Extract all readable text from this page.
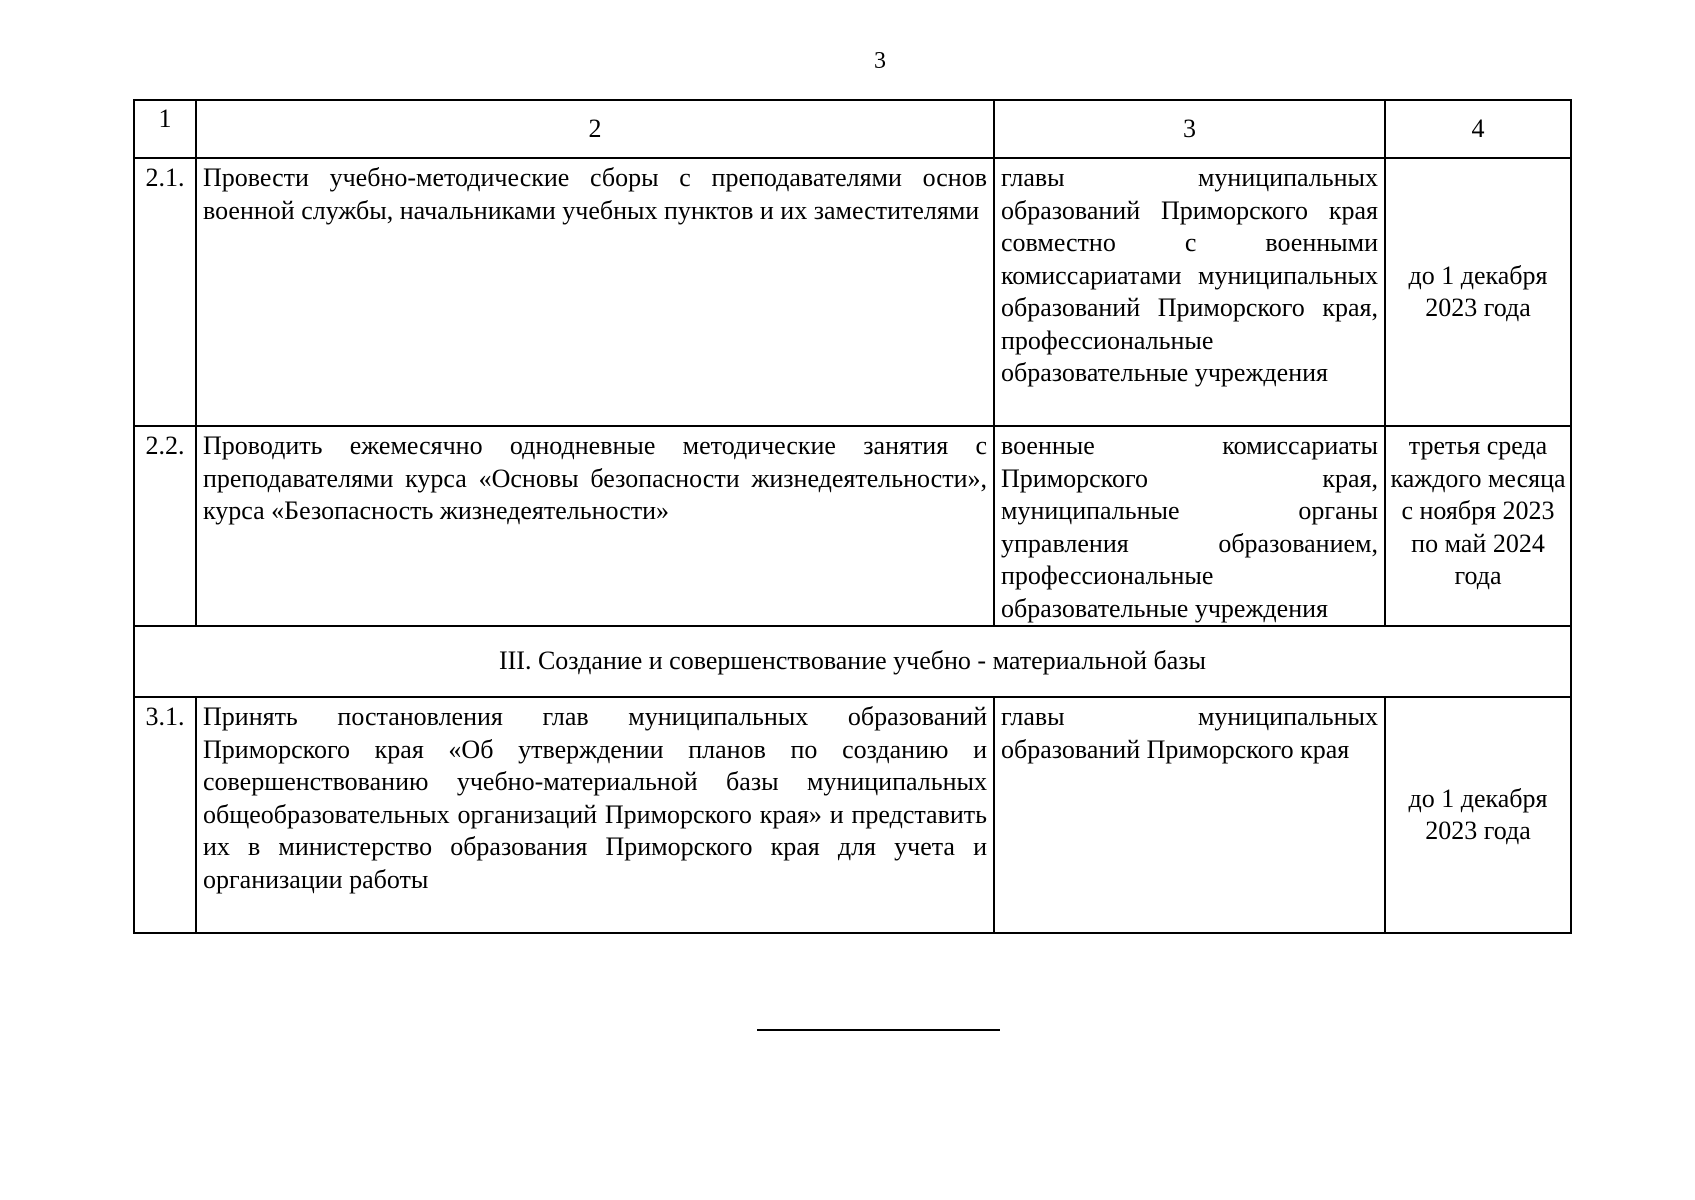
3
1	2	3	4
2.1.	Провести учебно-методические сборы с преподавателями основ военной службы, начальниками учебных пунктов и их заместителями	главы муниципальных образований Приморского края совместно с военными комиссариатами муниципальных образований Приморского края, профессиональные образовательные учреждения	до 1 декабря 2023 года
2.2.	Проводить ежемесячно однодневные методические занятия с преподавателями курса «Основы безопасности жизнедеятельности», курса «Безопасность жизнедеятельности»	военные комиссариаты Приморского края, муниципальные органы управления образованием, профессиональные образовательные учреждения	третья среда каждого месяца с ноября 2023 по май 2024 года
III. Создание и совершенствование учебно - материальной базы			
3.1.	Принять постановления глав муниципальных образований Приморского края «Об утверждении планов по созданию и совершенствованию учебно-материальной базы муниципальных общеобразовательных организаций Приморского края» и представить их в министерство образования Приморского края для учета и организации работы	главы муниципальных образований Приморского края	до 1 декабря 2023 года
